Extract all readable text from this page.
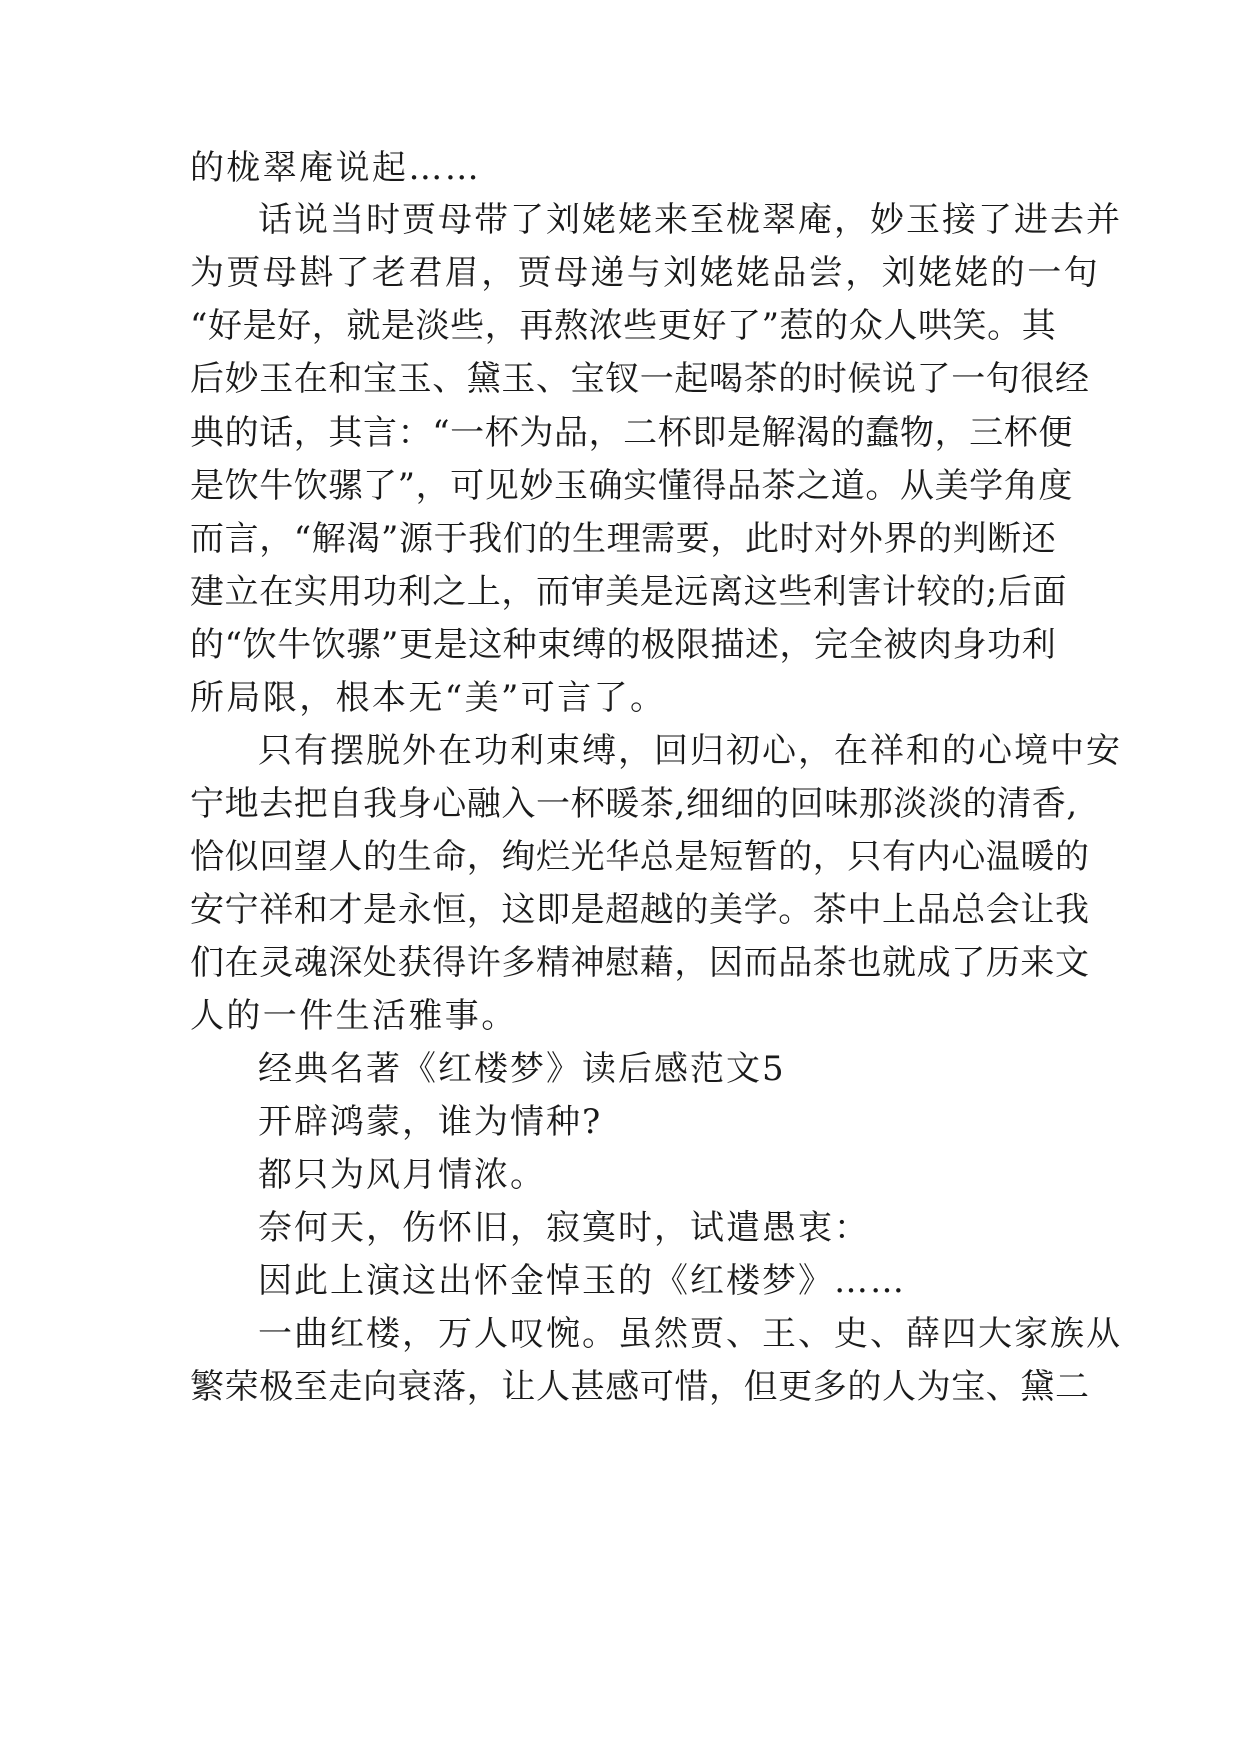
的栊翠庵说起……
话说当时贾母带了刘姥姥来至栊翠庵，妙玉接了进去并
为贾母斟了老君眉，贾母递与刘姥姥品尝，刘姥姥的一句
“好是好，就是淡些，再熬浓些更好了”惹的众人哄笑。其
后妙玉在和宝玉、黛玉、宝钗一起喝茶的时候说了一句很经
典的话，其言：“一杯为品，二杯即是解渴的蠢物，三杯便
是饮牛饮骡了”，可见妙玉确实懂得品茶之道。从美学角度
而言，“解渴”源于我们的生理需要，此时对外界的判断还
建立在实用功利之上，而审美是远离这些利害计较的;后面
的“饮牛饮骡”更是这种束缚的极限描述，完全被肉身功利
所局限，根本无“美”可言了。
只有摆脱外在功利束缚，回归初心，在祥和的心境中安
宁地去把自我身心融入一杯暖茶,细细的回味那淡淡的清香,
恰似回望人的生命，绚烂光华总是短暂的，只有内心温暖的
安宁祥和才是永恒，这即是超越的美学。茶中上品总会让我
们在灵魂深处获得许多精神慰藉，因而品茶也就成了历来文
人的一件生活雅事。
经典名著《红楼梦》读后感范文5
开辟鸿蒙，谁为情种?
都只为风月情浓。
奈何天，伤怀旧，寂寞时，试遣愚衷：
因此上演这出怀金悼玉的《红楼梦》……
一曲红楼，万人叹惋。虽然贾、王、史、薛四大家族从
繁荣极至走向衰落，让人甚感可惜，但更多的人为宝、黛二
